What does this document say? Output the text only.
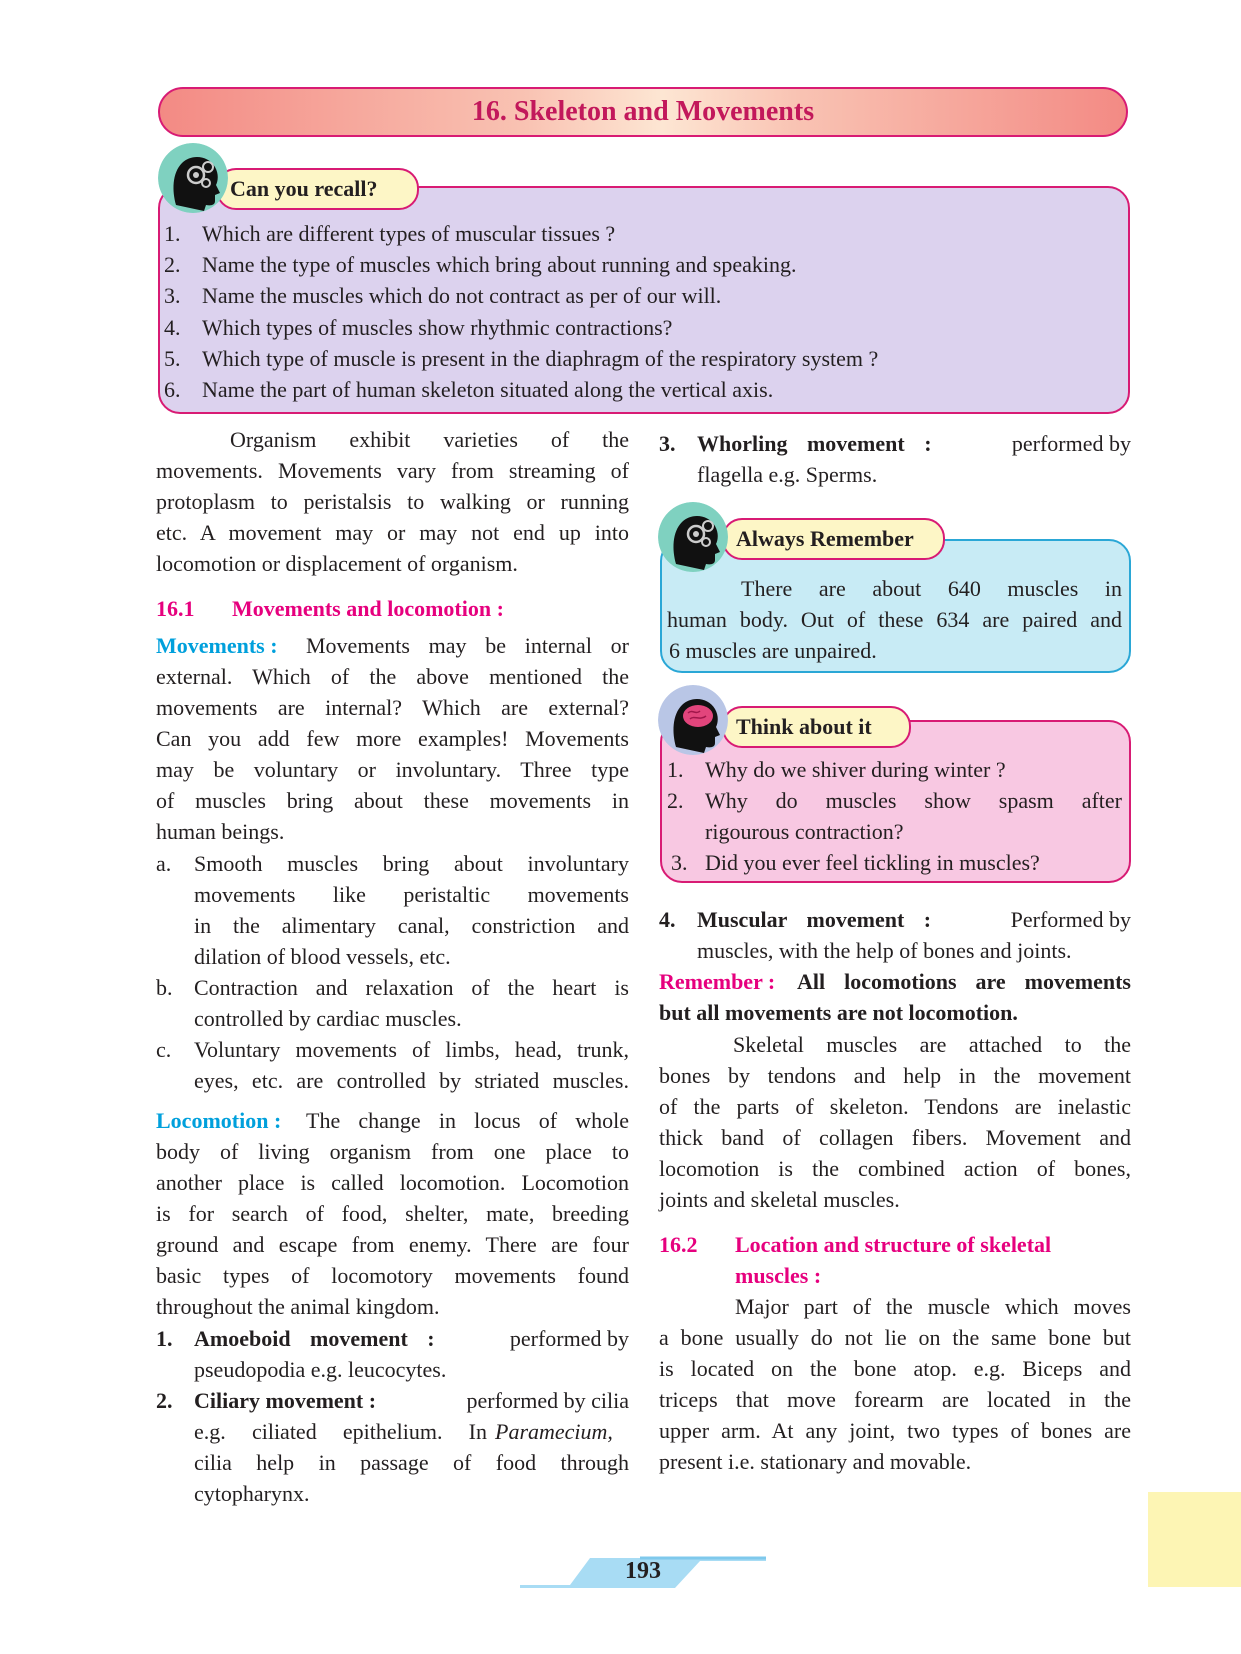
16. Skeleton and Movements
Can you recall?
1. Which are different types of muscular tissues ?
2. Name the type of muscles which bring about running and speaking.
3. Name the muscles which do not contract as per of our will.
4. Which types of muscles show rhythmic contractions?
5. Which type of muscle is present in the diaphragm of the respiratory system ?
6. Name the part of human skeleton situated along the vertical axis.
Organism exhibit varieties of the
movements. Movements vary from streaming of
protoplasm to peristalsis to walking or running
etc. A movement may or may not end up into
locomotion or displacement of organism.
16.1 Movements and locomotion :
Movements : Movements may be internal or
external. Which of the above mentioned the
movements are internal? Which are external?
Can you add few more examples! Movements
may be voluntary or involuntary. Three type
of muscles bring about these movements in
human beings.
a. Smooth muscles bring about involuntary
movements like peristaltic movements
in the alimentary canal, constriction and
dilation of blood vessels, etc.
b. Contraction and relaxation of the heart is
controlled by cardiac muscles.
c. Voluntary movements of limbs, head, trunk,
eyes, etc. are controlled by striated muscles.
Locomotion : The change in locus of whole
body of living organism from one place to
another place is called locomotion. Locomotion
is for search of food, shelter, mate, breeding
ground and escape from enemy. There are four
basic types of locomotory movements found
throughout the animal kingdom.
1. Amoeboid movement :	performed by
pseudopodia e.g. leucocytes.
2. Ciliary movement :	performed by cilia
e.g. ciliated epithelium. In Paramecium,
cilia help in passage of food through
cytopharynx.
3. Whorling movement :	performed by
flagella e.g. Sperms.
Always Remember
There are about 640 muscles in
human body. Out of these 634 are paired and
6 muscles are unpaired.
Think about it
1. Why do we shiver during winter ?
2. Why do muscles show spasm after
rigourous contraction?
3. Did you ever feel tickling in muscles?
4. Muscular movement :	Performed by
muscles, with the help of bones and joints.
Remember : All locomotions are movements
but all movements are not locomotion.
Skeletal muscles are attached to the
bones by tendons and help in the movement
of the parts of skeleton. Tendons are inelastic
thick band of collagen fibers. Movement and
locomotion is the combined action of bones,
joints and skeletal muscles.
16.2 Location and structure of skeletal
muscles :
Major part of the muscle which moves
a bone usually do not lie on the same bone but
is located on the bone atop. e.g. Biceps and
triceps that move forearm are located in the
upper arm. At any joint, two types of bones are
present i.e. stationary and movable.
193
